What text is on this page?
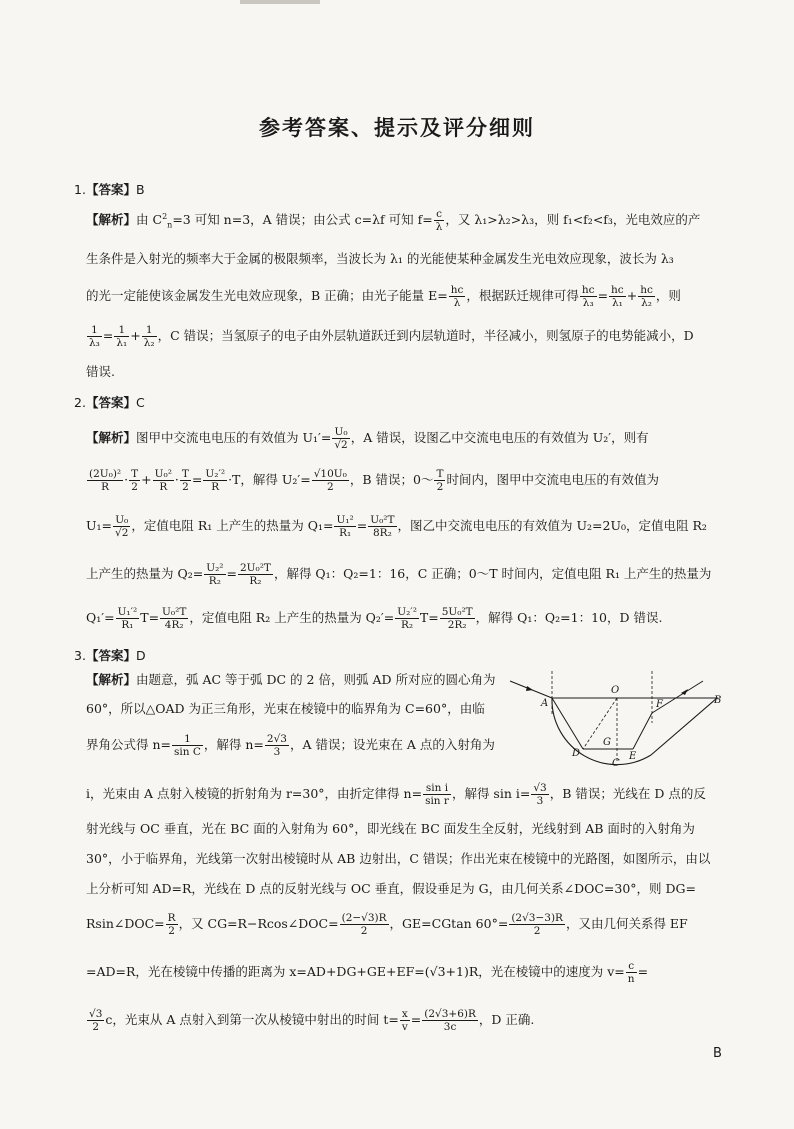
参考答案、提示及评分细则
1.【答案】B
【解析】由 $C^2_n=3$ 可知 n=3，A 错误；由公式 c=λf 可知 $f= \frac{c}{\lambda}$ ，又 λ₁>λ₂>λ₃，则 f₁<f₂<f₃，光电效应的产
生条件是入射光的频率大于金属的极限频率，当波长为 λ₁ 的光能使某种金属发生光电效应现象，波长为 λ₃
的光一定能使该金属发生光电效应现象，B 正确；由光子能量 $E= \frac{hc}{\lambda}$ ，根据跃迁规律可得 $\frac{hc}{\text{λ₃}} = \frac{hc}{\text{λ₁}} + \frac{hc}{\text{λ₂}}$ ，则
$\frac{1}{\text{λ₃}} = \frac{1}{\text{λ₁}} + \frac{1}{\text{λ₂}}$ ，C 错误；当氢原子的电子由外层轨道跃迁到内层轨道时，半径减小，则氢原子的电势能减小，D
错误.
2.【答案】C
【解析】图甲中交流电电压的有效值为 $U_1'= \frac{\text{U₀}}{√2}$ ，A 错误，设图乙中交流电电压的有效值为 U₂′，则有
$\frac{\text{(2U₀)²}}{R} \cdot \frac{T}{2} + \frac{\text{U₀²}}{R} \cdot \frac{T}{2} = \frac{\text{U₂′²}}{R} \cdot T$，解得 $U_2'= \frac{\text{√10U₀}}{2}$ ，B 错误；0～ $\frac{T}{2}$ 时间内，图甲中交流电电压的有效值为
$U_1= \frac{\text{U₀}}{√2}$ ，定值电阻 R₁ 上产生的热量为 $Q_1= \frac{\text{U₁²}}{\text{R₁}} = \frac{\text{U₀²T}}{\text{8R₂}}$ ，图乙中交流电电压的有效值为 U₂=2U₀，定值电阻 R₂
上产生的热量为 $Q_2= \frac{\text{U₂²}}{\text{R₂}} = \frac{\text{2U₀²T}}{\text{R₂}}$ ，解得 Q₁：Q₂=1：16，C 正确；0～T 时间内，定值电阻 R₁ 上产生的热量为
$Q_1'= \frac{\text{U₁′²}}{\text{R₁}} T= \frac{\text{U₀²T}}{\text{4R₂}}$ ，定值电阻 R₂ 上产生的热量为 $Q_2'= \frac{\text{U₂′²}}{\text{R₂}} T= \frac{\text{5U₀²T}}{\text{2R₂}}$ ，解得 Q₁：Q₂=1：10，D 错误.
3.【答案】D
【解析】由题意，弧 AC 等于弧 DC 的 2 倍，则弧 AD 所对应的圆心角为
60°，所以△OAD 为正三角形，光束在棱镜中的临界角为 C=60°，由临
界角公式得 $n= \frac{1}{\text{sin C}}$ ，解得 $n= \frac{2√3}{3}$ ，A 错误；设光束在 A 点的入射角为
i，光束由 A 点射入棱镜的折射角为 r=30°，由折定律得 $n= \frac{\text{sin i}}{\text{sin r}}$ ，解得 $\sin i= \frac{√3}{3}$ ，B 错误；光线在 D 点的反
射光线与 OC 垂直，光在 BC 面的入射角为 60°，即光线在 BC 面发生全反射，光线射到 AB 面时的入射角为
30°，小于临界角，光线第一次射出棱镜时从 AB 边射出，C 错误；作出光束在棱镜中的光路图，如图所示，由以
上分析可知 AD=R，光线在 D 点的反射光线与 OC 垂直，假设垂足为 G，由几何关系∠DOC=30°，则 DG=
Rsin∠DOC= $\frac{R}{2}$ ，又 CG=R−Rcos∠DOC= $\frac{(2-√3)R}{2}$ ，GE=CGtan $60^\circ= \frac{(2√3-3)R}{2}$ ，又由几何关系得 EF
=AD=R，光在棱镜中传播的距离为 x=AD+DG+GE+EF=(√3+1)R，光在棱镜中的速度为 $v= \frac{c}{n}$ =
$\frac{√3}{2}$ c，光束从 A 点射入到第一次从棱镜中射出的时间 $t= \frac{x}{v} = \frac{(2√3+6)R}{3c}$ ，D 正确.
A
O
B
F
G
D
C
E
B
